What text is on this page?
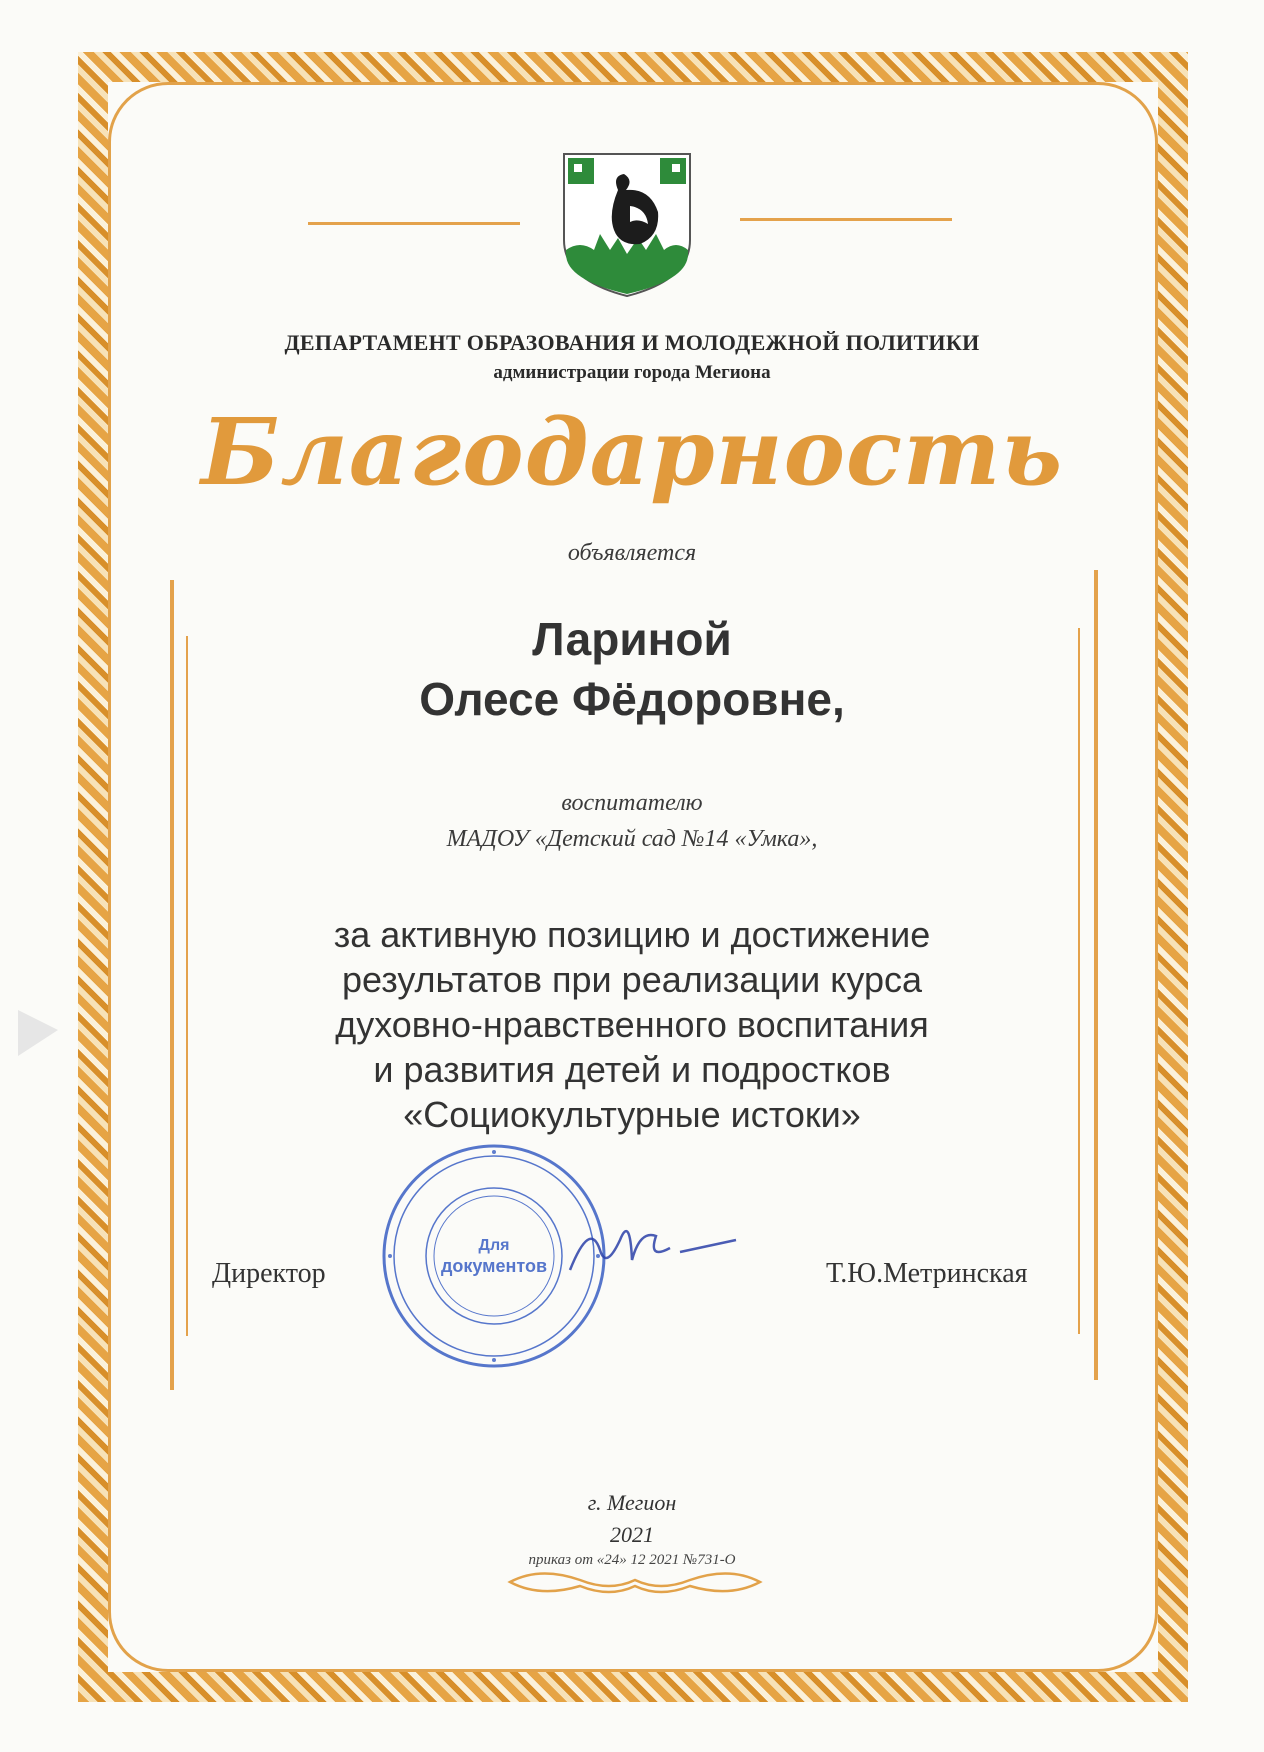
ДЕПАРТАМЕНТ ОБРАЗОВАНИЯ И МОЛОДЕЖНОЙ ПОЛИТИКИ
администрации города Мегиона
Благодарность
объявляется
Лариной
Олесе Фёдоровне,
воспитателю
МАДОУ «Детский сад №14 «Умка»,
за активную позицию и достижение
результатов при реализации курса
духовно-нравственного воспитания
и развития детей и подростков
«Социокультурные истоки»
Директор	Т.Ю.Метринская
Для
документов
г. Мегион
2021
приказ от «24» 12 2021 №731-О
